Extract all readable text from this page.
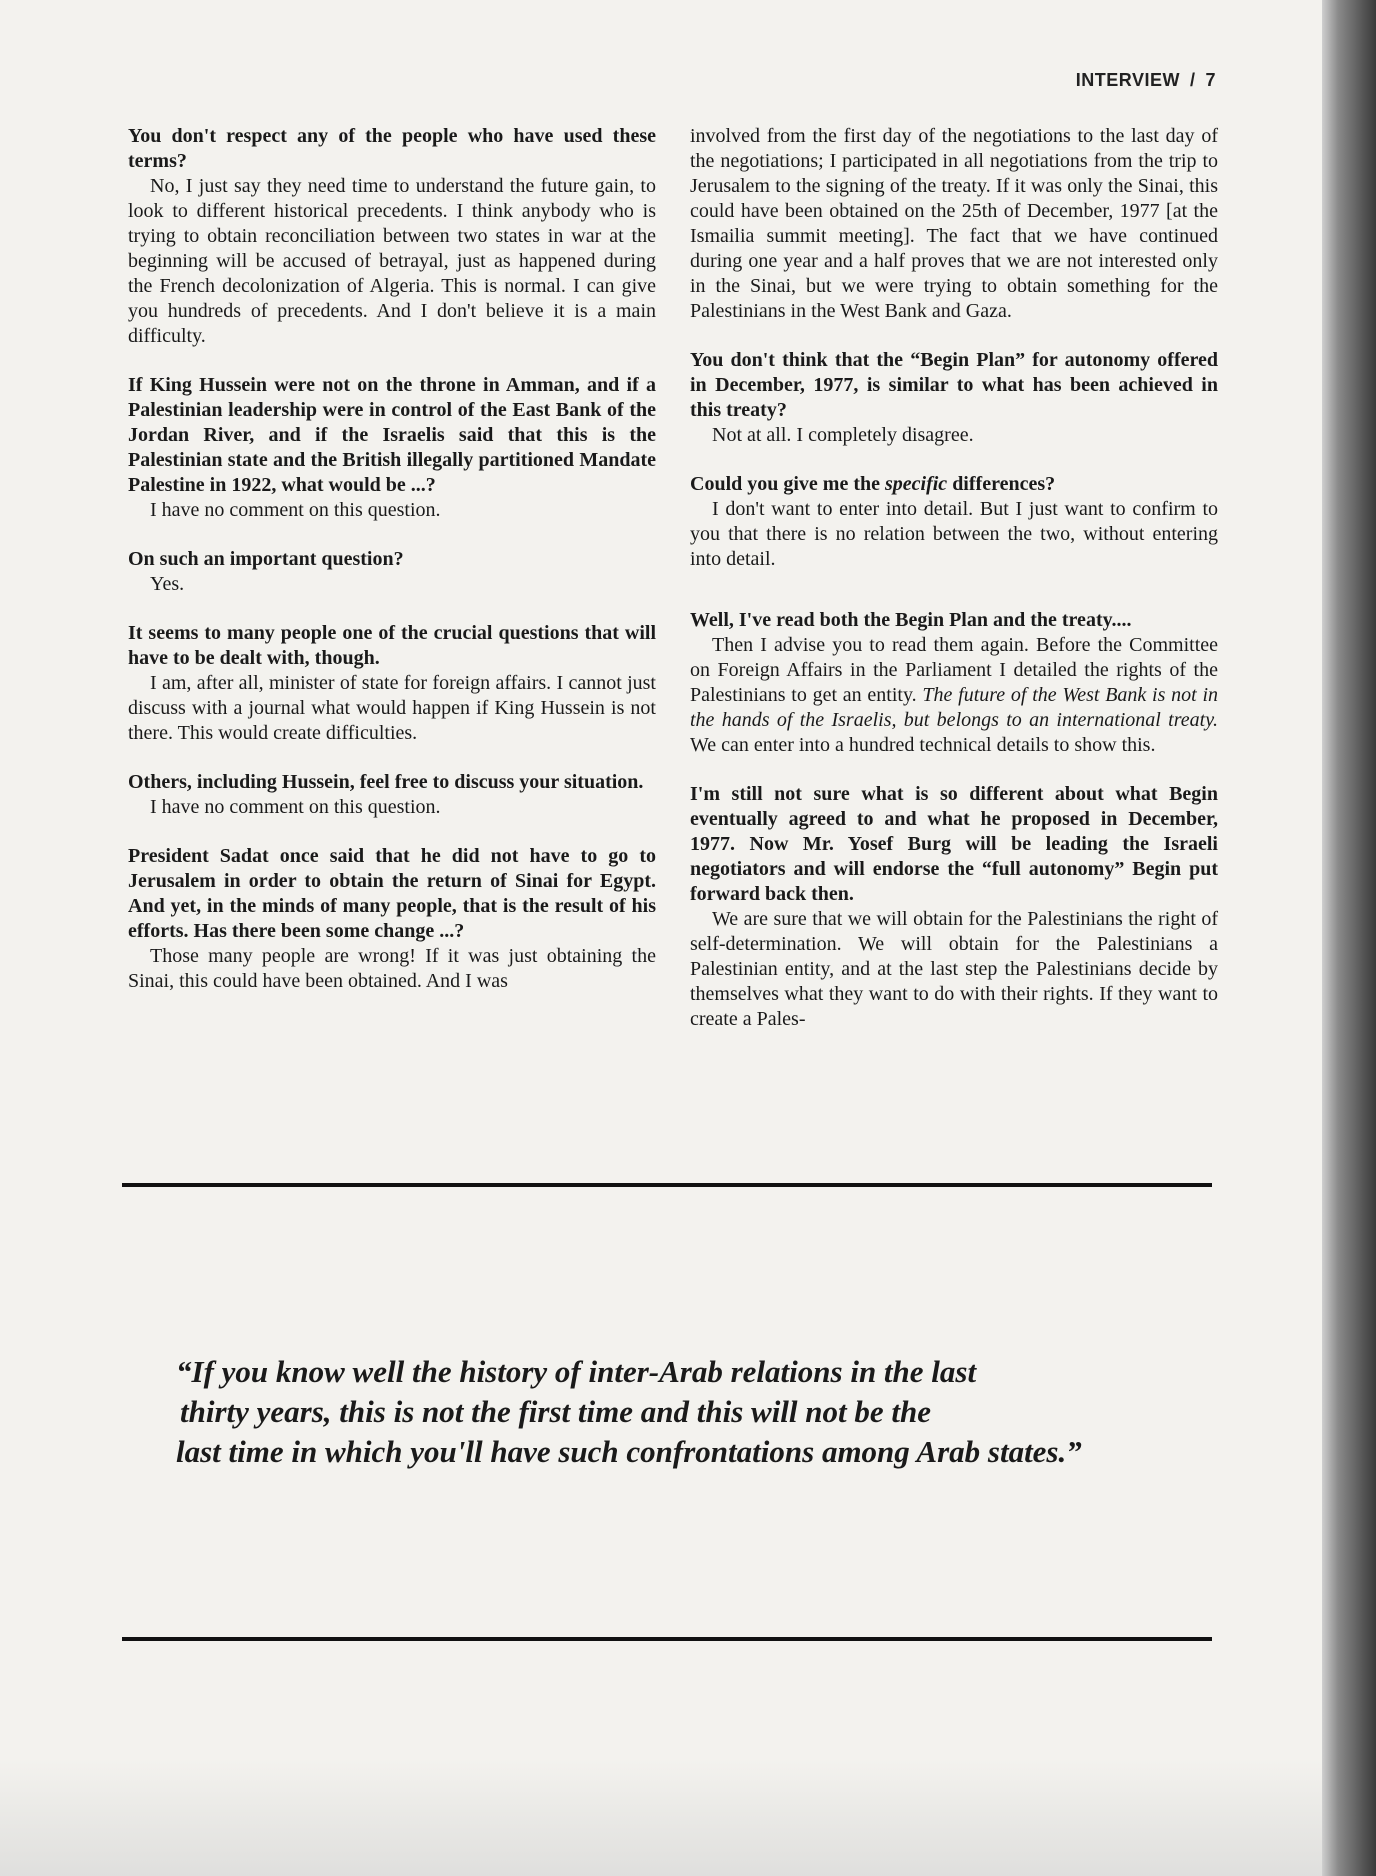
INTERVIEW / 7

You don't respect any of the people who have used these terms?

No, I just say they need time to understand the future gain, to look to different historical precedents. I think anybody who is trying to obtain reconciliation between two states in war at the beginning will be accused of betrayal, just as happened during the French decolonization of Algeria. This is normal. I can give you hundreds of precedents. And I don't believe it is a main difficulty.

If King Hussein were not on the throne in Amman, and if a Palestinian leadership were in control of the East Bank of the Jordan River, and if the Israelis said that this is the Palestinian state and the British illegally partitioned Mandate Palestine in 1922, what would be ...?

I have no comment on this question.

On such an important question?

Yes.

It seems to many people one of the crucial questions that will have to be dealt with, though.

I am, after all, minister of state for foreign affairs. I cannot just discuss with a journal what would happen if King Hussein is not there. This would create difficulties.

Others, including Hussein, feel free to discuss your situation.

I have no comment on this question.

President Sadat once said that he did not have to go to Jerusalem in order to obtain the return of Sinai for Egypt. And yet, in the minds of many people, that is the result of his efforts. Has there been some change ...?

Those many people are wrong! If it was just obtaining the Sinai, this could have been obtained. And I was

involved from the first day of the negotiations to the last day of the negotiations; I participated in all negotiations from the trip to Jerusalem to the signing of the treaty. If it was only the Sinai, this could have been obtained on the 25th of December, 1977 [at the Ismailia summit meeting]. The fact that we have continued during one year and a half proves that we are not interested only in the Sinai, but we were trying to obtain something for the Palestinians in the West Bank and Gaza.

You don't think that the “Begin Plan” for autonomy offered in December, 1977, is similar to what has been achieved in this treaty?

Not at all. I completely disagree.

Could you give me the specific differences?

I don't want to enter into detail. But I just want to confirm to you that there is no relation between the two, without entering into detail.

Well, I've read both the Begin Plan and the treaty....

Then I advise you to read them again. Before the Committee on Foreign Affairs in the Parliament I detailed the rights of the Palestinians to get an entity. The future of the West Bank is not in the hands of the Israelis, but belongs to an international treaty. We can enter into a hundred technical details to show this.

I'm still not sure what is so different about what Begin eventually agreed to and what he proposed in December, 1977. Now Mr. Yosef Burg will be leading the Israeli negotiators and will endorse the “full autonomy” Begin put forward back then.

We are sure that we will obtain for the Palestinians the right of self-determination. We will obtain for the Palestinians a Palestinian entity, and at the last step the Palestinians decide by themselves what they want to do with their rights. If they want to create a Pales-

“If you know well the history of inter-Arab relations in the last
thirty years, this is not the first time and this will not be the
last time in which you'll have such confrontations among Arab states.”
